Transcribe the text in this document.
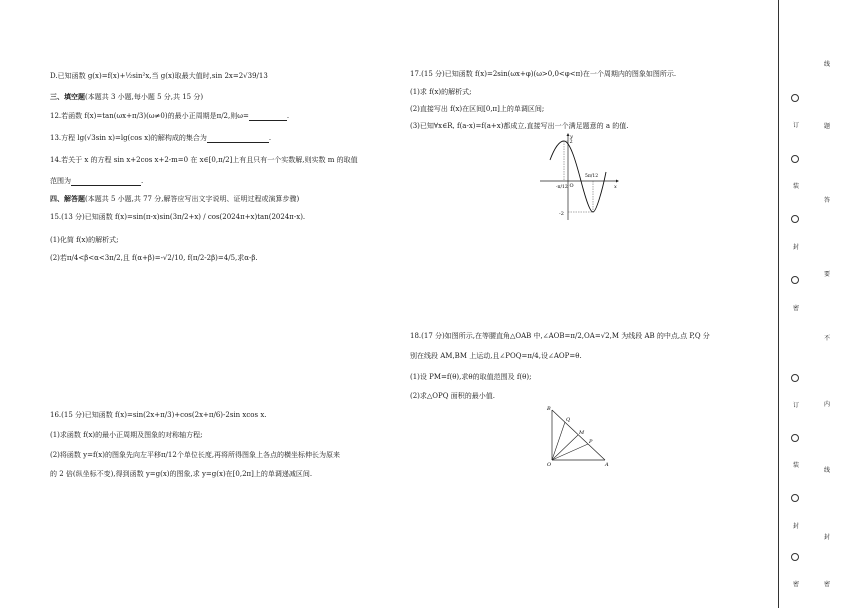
D.已知函数 g(x)=f(x)+½sin²x,当 g(x)取最大值时,sin 2x=2√39/13

三、填空题(本题共 3 小题,每小题 5 分,共 15 分)

12.若函数 f(x)=tan(ωx+π/3)(ω≠0)的最小正周期是π/2,则ω=	.

13.方程 lg(√3sin x)=lg(cos x)的解构成的集合为	.

14.若关于 x 的方程 sin x+2cos x+2-m=0 在 x∈[0,π/2]上有且只有一个实数解,则实数 m 的取值

范围为	.

四、解答题(本题共 5 小题,共 77 分,解答应写出文字说明、证明过程或演算步骤)

15.(13 分)已知函数 f(x)=sin(π-x)sin(3π/2+x) / cos(2024π+x)tan(2024π-x).

(1)化简 f(x)的解析式;

(2)若π/4<β<α<3π/2,且 f(α+β)=-√2/10, f(π/2-2β)=4/5,求α-β.

16.(15 分)已知函数 f(x)=sin(2x+π/3)+cos(2x+π/6)-2sin xcos x.

(1)求函数 f(x)的最小正周期及图象的对称轴方程;

(2)将函数 y=f(x)的图象先向左平移π/12个单位长度,再将所得图象上各点的横坐标伸长为原来

的 2 倍(纵坐标不变),得到函数 y=g(x)的图象,求 y=g(x)在[0,2π]上的单调递减区间.

17.(15 分)已知函数 f(x)=2sin(ωx+φ)(ω>0,0<φ<π)在一个周期内的图象如图所示.

(1)求 f(x)的解析式;

(2)直接写出 f(x)在区间[0,π]上的单调区间;

(3)已知∀x∈R, f(a-x)=f(a+x)都成立,直接写出一个满足题意的 a 的值.

18.(17 分)如图所示,在等腰直角△OAB 中,∠AOB=π/2,OA=√2,M 为线段 AB 的中点,点 P,Q 分

别在线段 AM,BM 上运动,且∠POQ=π/4,设∠AOP=θ.

(1)设 PM=f(θ),求θ的取值范围及 f(θ);

(2)求△OPQ 面积的最小值.

y
x
O
2
-2
-π/12
5π/12
B
Q
M
P
O	A
线
题
答
要
不
内
线
封
密
订
装
封
密
订
装
封
密
